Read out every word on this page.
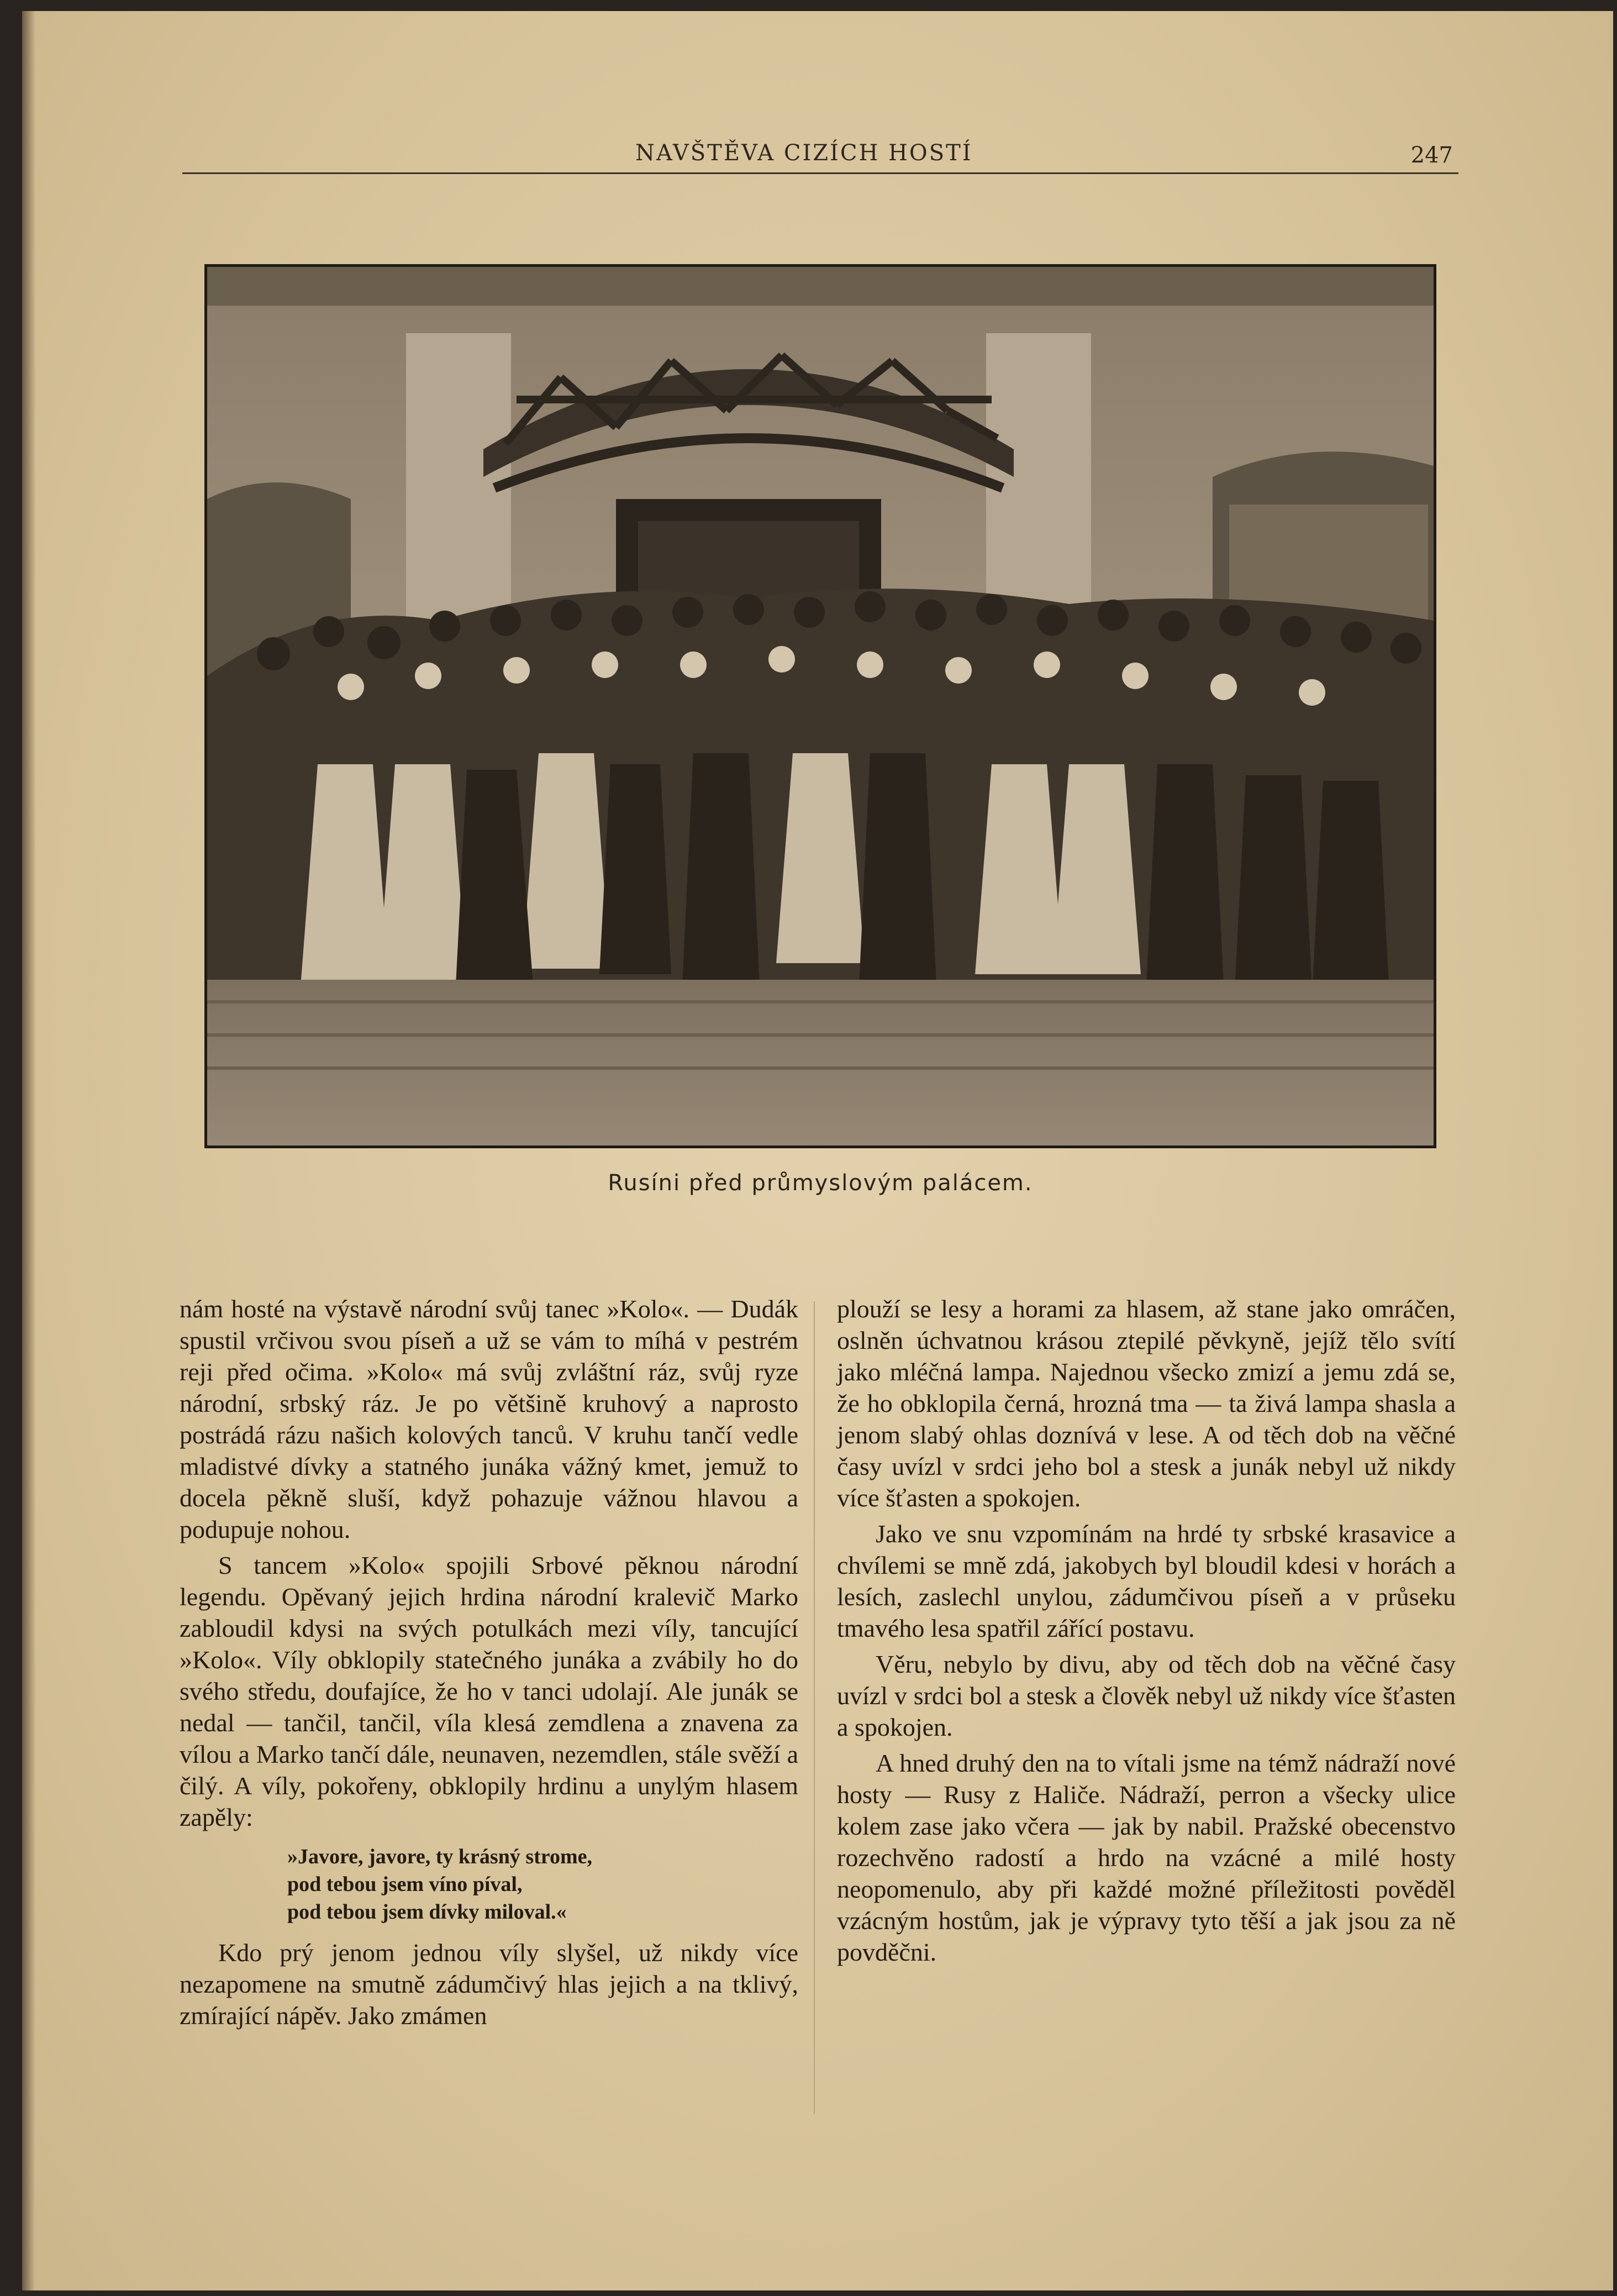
NAVŠTĚVA CIZÍCH HOSTÍ	247
Rusíni před průmyslovým palácem.

nám hosté na výstavě národní svůj tanec »Kolo«. — Dudák spustil vrčivou svou píseň a už se vám to míhá v pestrém reji před očima. »Kolo« má svůj zvláštní ráz, svůj ryze národní, srbský ráz. Je po většině kruhový a naprosto postrádá rázu našich kolových tanců. V kruhu tančí vedle mladistvé dívky a statného junáka vážný kmet, jemuž to docela pěkně sluší, když pohazuje vážnou hlavou a podupuje nohou.

S tancem »Kolo« spojili Srbové pěknou národní legendu. Opěvaný jejich hrdina národní kralevič Marko zabloudil kdysi na svých potulkách mezi víly, tancující »Kolo«. Víly obklopily statečného junáka a zvábily ho do svého středu, doufajíce, že ho v tanci udolají. Ale junák se nedal — tančil, tančil, víla klesá zemdlena a znavena za vílou a Marko tančí dále, neunaven, nezemdlen, stále svěží a čilý. A víly, pokořeny, obklopily hrdinu a unylým hlasem zapěly:

»Javore, javore, ty krásný strome,
pod tebou jsem víno píval,
pod tebou jsem dívky miloval.«

Kdo prý jenom jednou víly slyšel, už nikdy více nezapomene na smutně zádumčivý hlas jejich a na tklivý, zmírající nápěv. Jako zmámen

plouží se lesy a horami za hlasem, až stane jako omráčen, oslněn úchvatnou krásou ztepilé pěvkyně, jejíž tělo svítí jako mléčná lampa. Najednou všecko zmizí a jemu zdá se, že ho obklopila černá, hrozná tma — ta živá lampa shasla a jenom slabý ohlas doznívá v lese. A od těch dob na věčné časy uvízl v srdci jeho bol a stesk a junák nebyl už nikdy více šťasten a spokojen.

Jako ve snu vzpomínám na hrdé ty srbské krasavice a chvílemi se mně zdá, jakobych byl bloudil kdesi v horách a lesích, zaslechl unylou, zádumčivou píseň a v průseku tmavého lesa spatřil zářící postavu.

Věru, nebylo by divu, aby od těch dob na věčné časy uvízl v srdci bol a stesk a člověk nebyl už nikdy více šťasten a spokojen.

A hned druhý den na to vítali jsme na témž nádraží nové hosty — Rusy z Haliče. Nádraží, perron a všecky ulice kolem zase jako včera — jak by nabil. Pražské obecenstvo rozechvěno radostí a hrdo na vzácné a milé hosty neopomenulo, aby při každé možné příležitosti pověděl vzácným hostům, jak je výpravy tyto těší a jak jsou za ně povděčni.
